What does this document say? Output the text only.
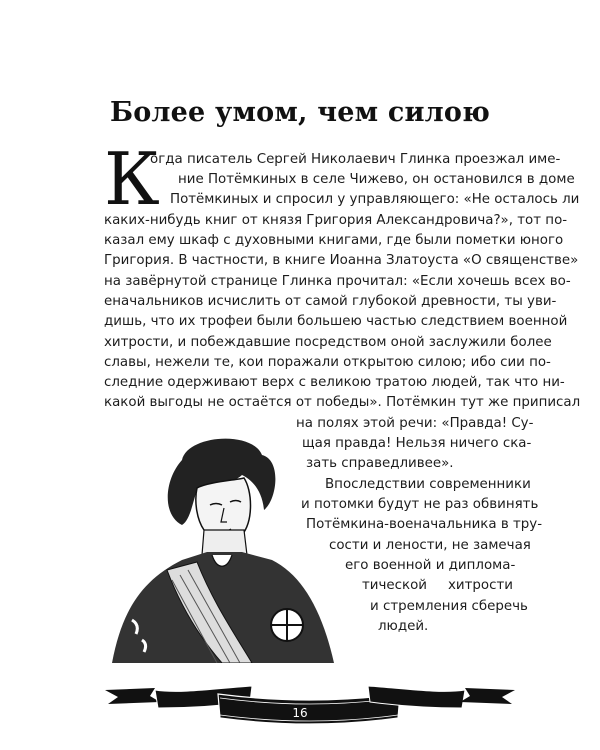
Более умом, чем силою
К
огда писатель Сергей Николаевич Глинка проезжал име-
ние Потёмкиных в селе Чижево, он остановился в доме
Потёмкиных и спросил у управляющего: «Не осталось ли
каких-нибудь книг от князя Григория Александровича?», тот по-
казал ему шкаф с духовными книгами, где были пометки юного
Григория. В частности, в книге Иоанна Златоуста «О священстве»
на завёрнутой странице Глинка прочитал: «Если хочешь всех во-
еначальников исчислить от самой глубокой древности, ты уви-
дишь, что их трофеи были большею частью следствием военной
хитрости, и побеждавшие посредством оной заслужили более
славы, нежели те, кои поражали открытою силою; ибо сии по-
следние одерживают верх с великою тратою людей, так что ни-
какой выгоды не остаётся от победы». Потёмкин тут же приписал
на полях этой речи: «Правда! Су-
щая правда! Нельзя ничего ска-
зать справедливее».
Впоследствии современники
и потомки будут не раз обвинять
Потёмкина-военачальника в тру-
сости и лености, не замечая
его военной и диплома-
тической хитрости
и стремления сберечь
людей.
16
